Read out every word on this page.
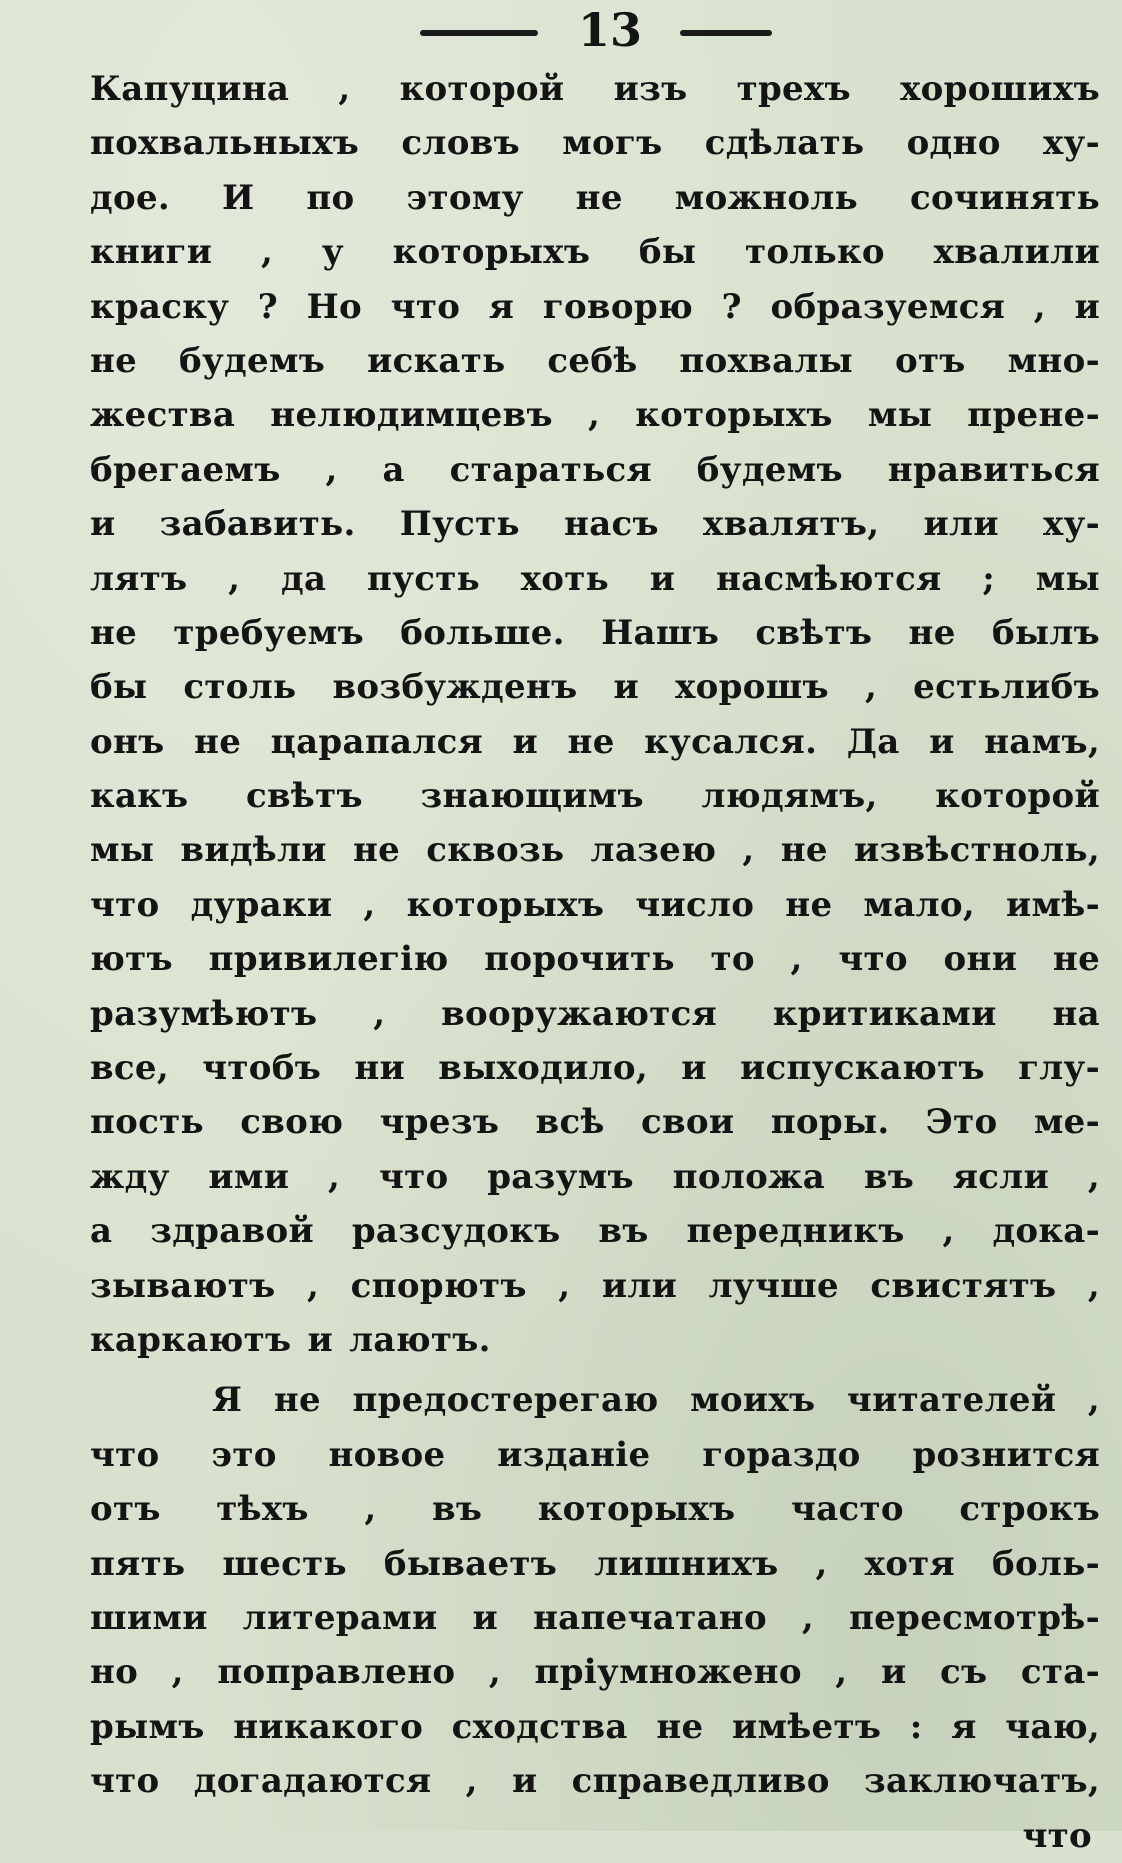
13
Капуцина , которой изъ трехъ хорошихъ
похвальныхъ словъ могъ сдѣлать одно ху-
дое. И по этому не можноль сочинять
книги , у которыхъ бы только хвалили
краску ? Но что я говорю ? образуемся , и
не будемъ искать себѣ похвалы отъ мно-
жества нелюдимцевъ , которыхъ мы прене-
брегаемъ , а стараться будемъ нравиться
и забавить. Пусть насъ хвалятъ, или ху-
лятъ , да пусть хоть и насмѣются ; мы
не требуемъ больше. Нашъ свѣтъ не былъ
бы столь возбужденъ и хорошъ , естьлибъ
онъ не царапался и не кусался. Да и намъ,
какъ свѣтъ знающимъ людямъ, которой
мы видѣли не сквозь лазею , не извѣстноль,
что дураки , которыхъ число не мало, имѣ-
ютъ привилегію порочить то , что они не
разумѣютъ , вооружаются критиками на
все, чтобъ ни выходило, и испускаютъ глу-
пость свою чрезъ всѣ свои поры. Это ме-
жду ими , что разумъ положа въ ясли ,
а здравой разсудокъ въ передникъ , дока-
зываютъ , спорютъ , или лучше свистятъ ,
каркаютъ и лаютъ.
Я не предостерегаю моихъ читателей ,
что это новое изданіе гораздо рознится
отъ тѣхъ , въ которыхъ часто строкъ
пять шесть бываетъ лишнихъ , хотя боль-
шими литерами и напечатано , пересмотрѣ-
но , поправлено , пріумножено , и съ ста-
рымъ никакого сходства не имѣетъ : я чаю,
что догадаются , и справедливо заключатъ,
что
